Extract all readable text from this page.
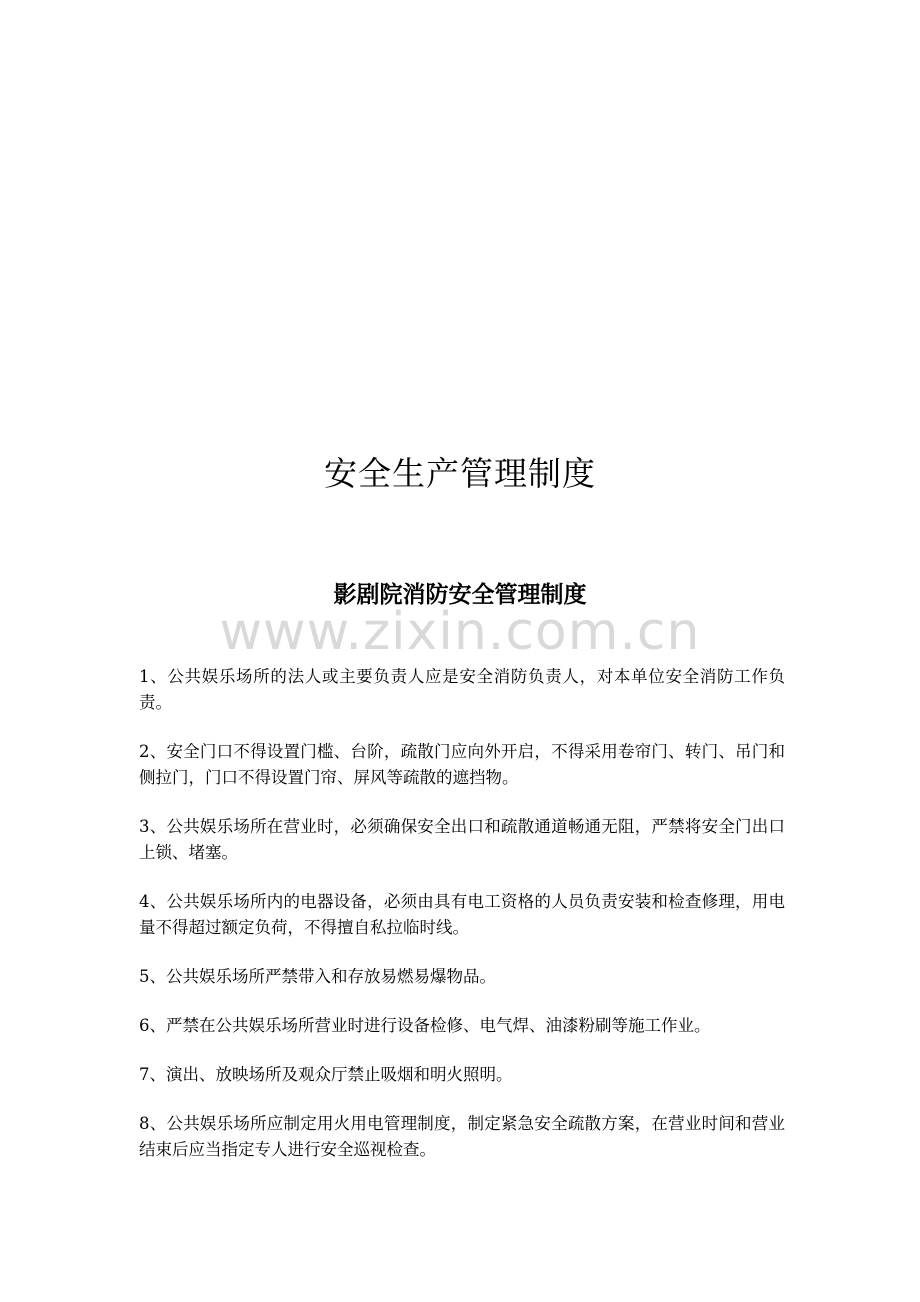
安全生产管理制度
影剧院消防安全管理制度
www.zixin.com.cn
1、公共娱乐场所的法人或主要负责人应是安全消防负责人，对本单位安全消防工作负责。
2、安全门口不得设置门槛、台阶，疏散门应向外开启，不得采用卷帘门、转门、吊门和侧拉门，门口不得设置门帘、屏风等疏散的遮挡物。
3、公共娱乐场所在营业时，必须确保安全出口和疏散通道畅通无阻，严禁将安全门出口上锁、堵塞。
4、公共娱乐场所内的电器设备，必须由具有电工资格的人员负责安装和检查修理，用电量不得超过额定负荷，不得擅自私拉临时线。
5、公共娱乐场所严禁带入和存放易燃易爆物品。
6、严禁在公共娱乐场所营业时进行设备检修、电气焊、油漆粉刷等施工作业。
7、演出、放映场所及观众厅禁止吸烟和明火照明。
8、公共娱乐场所应制定用火用电管理制度，制定紧急安全疏散方案，在营业时间和营业结束后应当指定专人进行安全巡视检查。
